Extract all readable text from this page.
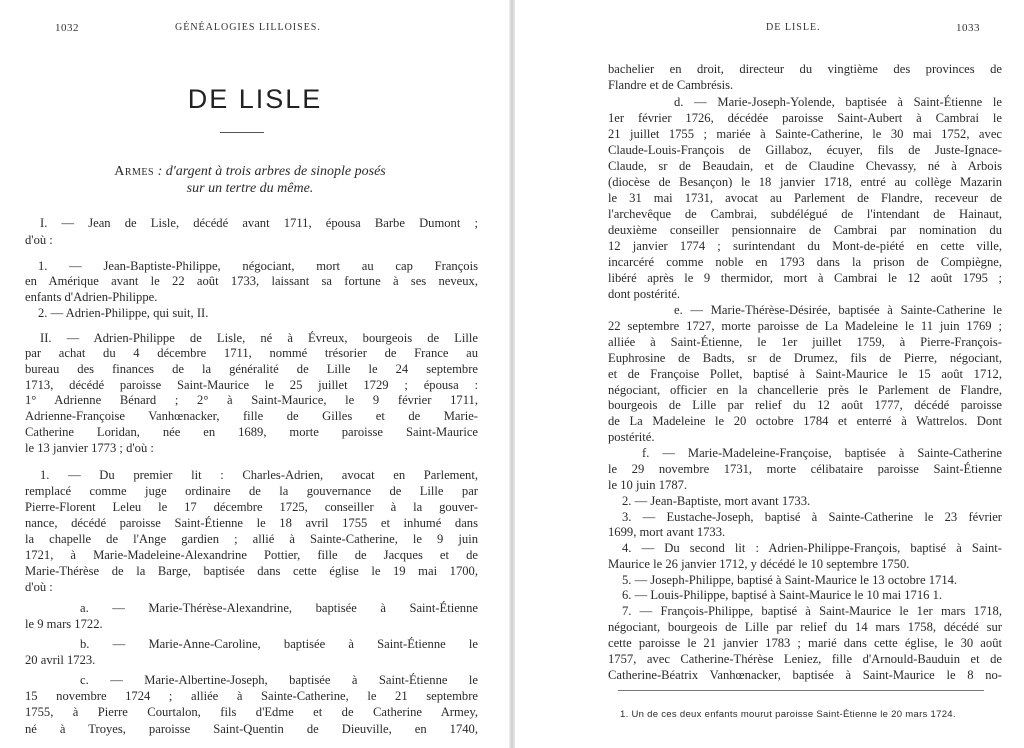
1032	GÉNÉALOGIES LILLOISES.
DE LISLE
Armes : d'argent à trois arbres de sinople posés
sur un tertre du même.
I. — Jean de Lisle, décédé avant 1711, épousa Barbe Dumont ;
d'où :
1. — Jean-Baptiste-Philippe, négociant, mort au cap François
en Amérique avant le 22 août 1733, laissant sa fortune à ses neveux,
enfants d'Adrien-Philippe.
2. — Adrien-Philippe, qui suit, II.
II. — Adrien-Philippe de Lisle, né à Évreux, bourgeois de Lille
par achat du 4 décembre 1711, nommé trésorier de France au
bureau des finances de la généralité de Lille le 24 septembre
1713, décédé paroisse Saint-Maurice le 25 juillet 1729 ; épousa :
1° Adrienne Bénard ; 2° à Saint-Maurice, le 9 février 1711,
Adrienne-Françoise Vanhœnacker, fille de Gilles et de Marie-
Catherine Loridan, née en 1689, morte paroisse Saint-Maurice
le 13 janvier 1773 ; d'où :
1. — Du premier lit : Charles-Adrien, avocat en Parlement,
remplacé comme juge ordinaire de la gouvernance de Lille par
Pierre-Florent Leleu le 17 décembre 1725, conseiller à la gouver-
nance, décédé paroisse Saint-Étienne le 18 avril 1755 et inhumé dans
la chapelle de l'Ange gardien ; allié à Sainte-Catherine, le 9 juin
1721, à Marie-Madeleine-Alexandrine Pottier, fille de Jacques et de
Marie-Thérèse de la Barge, baptisée dans cette église le 19 mai 1700,
d'où :
a. — Marie-Thérèse-Alexandrine, baptisée à Saint-Étienne
le 9 mars 1722.
b. — Marie-Anne-Caroline, baptisée à Saint-Étienne le
20 avril 1723.
c. — Marie-Albertine-Joseph, baptisée à Saint-Étienne le
15 novembre 1724 ; alliée à Sainte-Catherine, le 21 septembre
1755, à Pierre Courtalon, fils d'Edme et de Catherine Armey,
né à Troyes, paroisse Saint-Quentin de Dieuville, en 1740,
DE LISLE.	1033
bachelier en droit, directeur du vingtième des provinces de
Flandre et de Cambrésis.
d. — Marie-Joseph-Yolende, baptisée à Saint-Étienne le
1er février 1726, décédée paroisse Saint-Aubert à Cambrai le
21 juillet 1755 ; mariée à Sainte-Catherine, le 30 mai 1752, avec
Claude-Louis-François de Gillaboz, écuyer, fils de Juste-Ignace-
Claude, sr de Beaudain, et de Claudine Chevassy, né à Arbois
(diocèse de Besançon) le 18 janvier 1718, entré au collège Mazarin
le 31 mai 1731, avocat au Parlement de Flandre, receveur de
l'archevêque de Cambrai, subdélégué de l'intendant de Hainaut,
deuxième conseiller pensionnaire de Cambrai par nomination du
12 janvier 1774 ; surintendant du Mont-de-piété en cette ville,
incarcéré comme noble en 1793 dans la prison de Compiègne,
libéré après le 9 thermidor, mort à Cambrai le 12 août 1795 ;
dont postérité.
e. — Marie-Thérèse-Désirée, baptisée à Sainte-Catherine le
22 septembre 1727, morte paroisse de La Madeleine le 11 juin 1769 ;
alliée à Saint-Étienne, le 1er juillet 1759, à Pierre-François-
Euphrosine de Badts, sr de Drumez, fils de Pierre, négociant,
et de Françoise Pollet, baptisé à Saint-Maurice le 15 août 1712,
négociant, officier en la chancellerie près le Parlement de Flandre,
bourgeois de Lille par relief du 12 août 1777, décédé paroisse
de La Madeleine le 20 octobre 1784 et enterré à Wattrelos. Dont
postérité.
f. — Marie-Madeleine-Françoise, baptisée à Sainte-Catherine
le 29 novembre 1731, morte célibataire paroisse Saint-Étienne
le 10 juin 1787.
2. — Jean-Baptiste, mort avant 1733.
3. — Eustache-Joseph, baptisé à Sainte-Catherine le 23 février
1699, mort avant 1733.
4. — Du second lit : Adrien-Philippe-François, baptisé à Saint-
Maurice le 26 janvier 1712, y décédé le 10 septembre 1750.
5. — Joseph-Philippe, baptisé à Saint-Maurice le 13 octobre 1714.
6. — Louis-Philippe, baptisé à Saint-Maurice le 10 mai 1716 1.
7. — François-Philippe, baptisé à Saint-Maurice le 1er mars 1718,
négociant, bourgeois de Lille par relief du 14 mars 1758, décédé sur
cette paroisse le 21 janvier 1783 ; marié dans cette église, le 30 août
1757, avec Catherine-Thérèse Leniez, fille d'Arnould-Bauduin et de
Catherine-Béatrix Vanhœnacker, baptisée à Saint-Maurice le 8 no-
1. Un de ces deux enfants mourut paroisse Saint-Étienne le 20 mars 1724.
